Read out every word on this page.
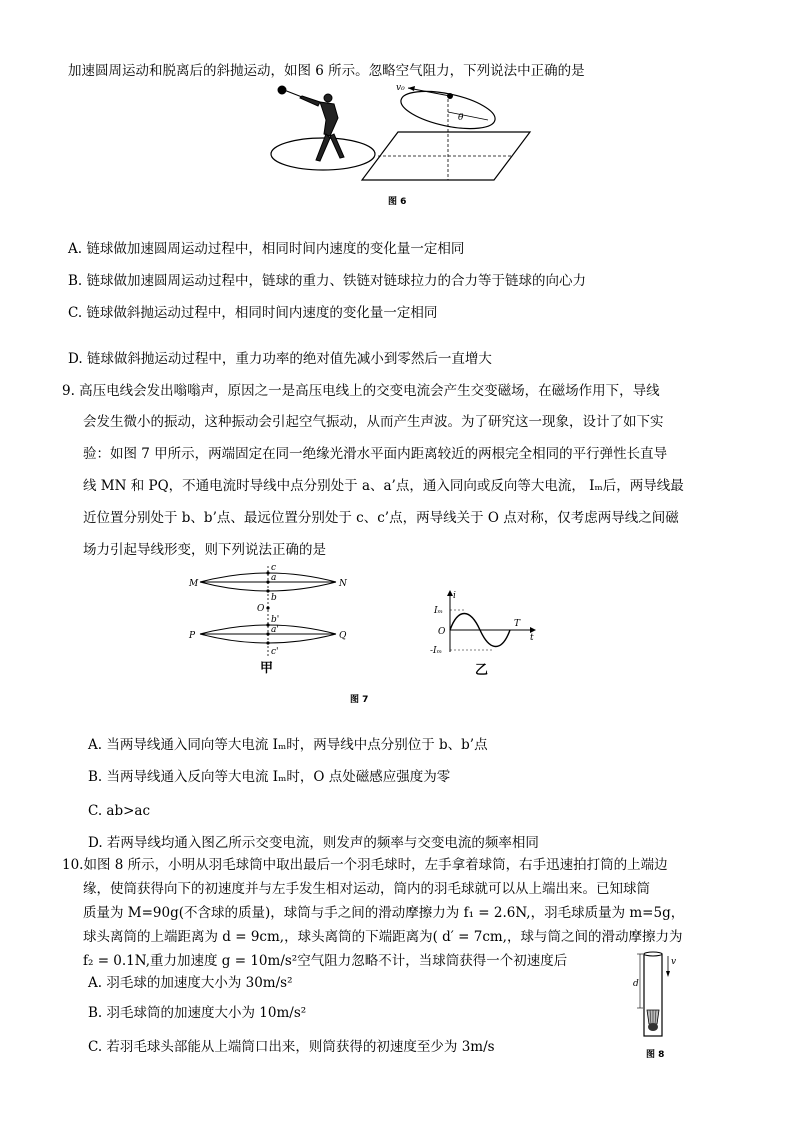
加速圆周运动和脱离后的斜抛运动，如图 6 所示。忽略空气阻力，下列说法中正确的是
v₀
θ
图 6
A. 链球做加速圆周运动过程中，相同时间内速度的变化量一定相同
B. 链球做加速圆周运动过程中，链球的重力、铁链对链球拉力的合力等于链球的向心力
C. 链球做斜抛运动过程中，相同时间内速度的变化量一定相同
D. 链球做斜抛运动过程中，重力功率的绝对值先减小到零然后一直增大
9. 高压电线会发出嗡嗡声，原因之一是高压电线上的交变电流会产生交变磁场，在磁场作用下，导线
会发生微小的振动，这种振动会引起空气振动，从而产生声波。为了研究这一现象，设计了如下实
验：如图 7 甲所示，两端固定在同一绝缘光滑水平面内距离较近的两根完全相同的平行弹性长直导
线 MN 和 PQ，不通电流时导线中点分别处于 a、a’点，通入同向或反向等大电流， Iₘ后，两导线最
近位置分别处于 b、b’点、最远位置分别处于 c、c’点，两导线关于 O 点对称，仅考虑两导线之间磁
场力引起导线形变，则下列说法正确的是
M	N
P	Q
c
a
b
O
b'
a'
c'
甲
i
Iₘ
O
-Iₘ
T
t
乙
图 7
A. 当两导线通入同向等大电流 Iₘ时，两导线中点分别位于 b、b’点
B. 当两导线通入反向等大电流 Iₘ时，O 点处磁感应强度为零
C. ab>ac
D. 若两导线均通入图乙所示交变电流，则发声的频率与交变电流的频率相同
10.如图 8 所示，小明从羽毛球筒中取出最后一个羽毛球时，左手拿着球筒，右手迅速拍打筒的上端边
缘，使筒获得向下的初速度并与左手发生相对运动，筒内的羽毛球就可以从上端出来。已知球筒
质量为 M=90g(不含球的质量)，球筒与手之间的滑动摩擦力为 f₁ = 2.6N,，羽毛球质量为 m=5g，
球头离筒的上端距离为 d = 9cm,，球头离筒的下端距离为( d′ = 7cm,，球与筒之间的滑动摩擦力为
f₂ = 0.1N,重力加速度 g = 10m/s²空气阻力忽略不计，当球筒获得一个初速度后
A. 羽毛球的加速度大小为 30m/s²
B. 羽毛球筒的加速度大小为 10m/s²
C. 若羽毛球头部能从上端筒口出来，则筒获得的初速度至少为 3m/s
d
v
图 8
